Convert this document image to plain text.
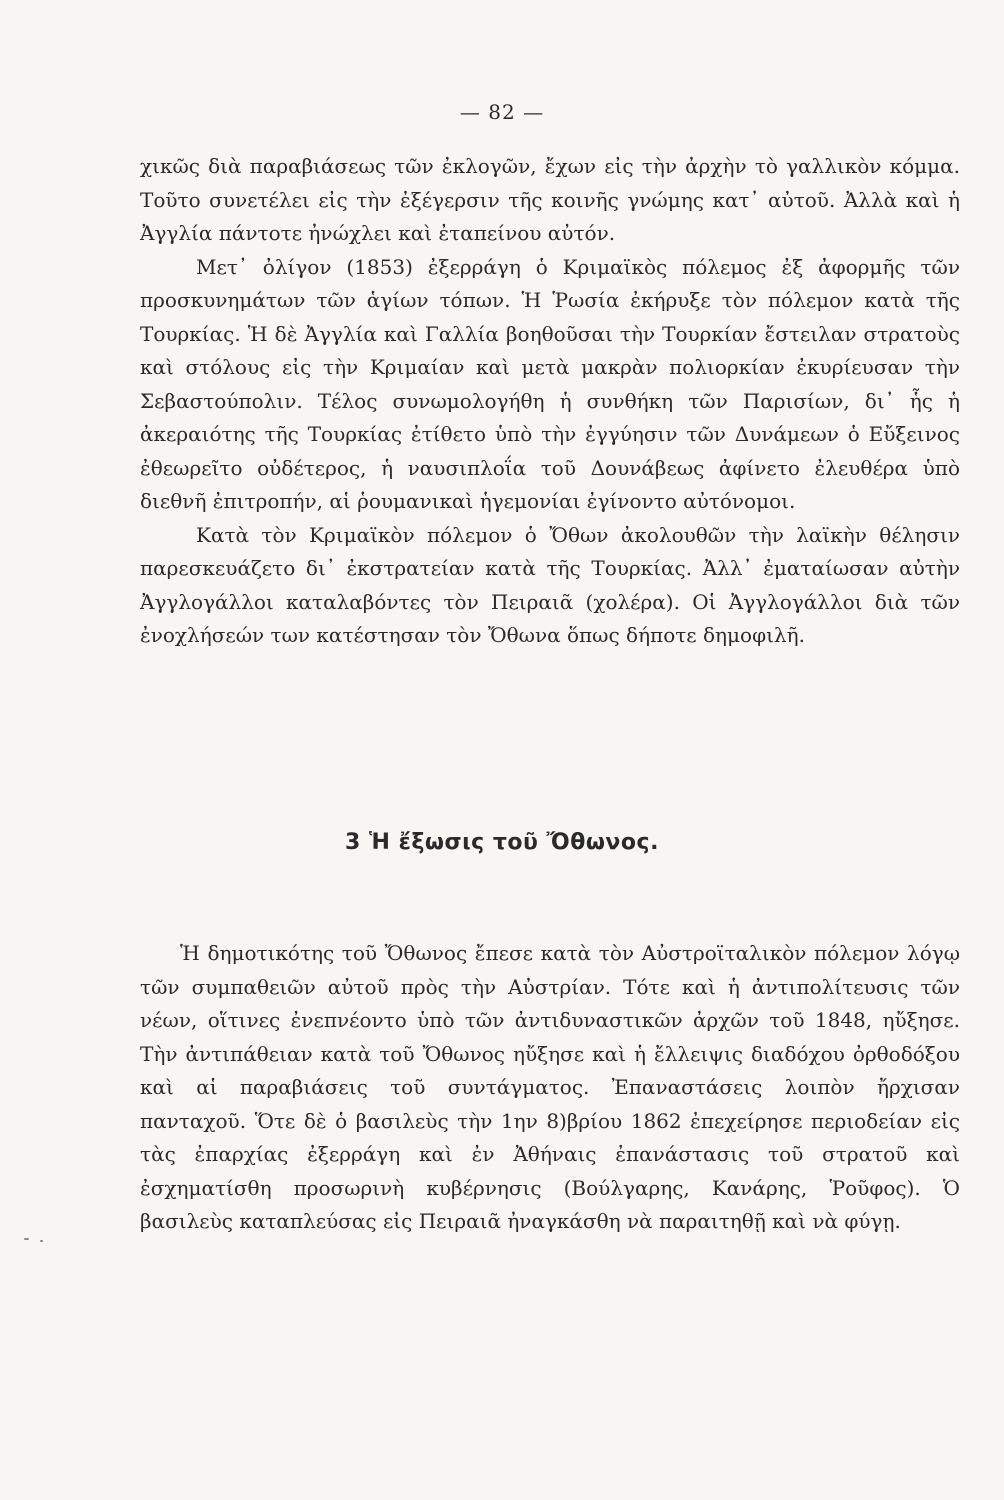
— 82 —

χικῶς διὰ παραβιάσεως τῶν ἐκλογῶν, ἔχων εἰς τὴν ἀρχὴν τὸ γαλλικὸν κόμμα. Τοῦτο συνετέλει εἰς τὴν ἐξέγερσιν τῆς κοινῆς γνώμης κατ᾿ αὐτοῦ. Ἀλλὰ καὶ ἡ Ἀγγλία πάντοτε ἠνώχλει καὶ ἐταπείνου αὐτόν.

Μετ᾿ ὀλίγον (1853) ἐξερράγη ὁ Κριμαϊκὸς πόλεμος ἐξ ἀφορμῆς τῶν προσκυνημάτων τῶν ἁγίων τόπων. Ἡ Ῥωσία ἐκήρυξε τὸν πόλεμον κατὰ τῆς Τουρκίας. Ἡ δὲ Ἀγγλία καὶ Γαλλία βοηθοῦσαι τὴν Τουρκίαν ἔστειλαν στρατοὺς καὶ στόλους εἰς τὴν Κριμαίαν καὶ μετὰ μακρὰν πολιορκίαν ἐκυρίευσαν τὴν Σεβαστούπολιν. Τέλος συνωμολογήθη ἡ συνθήκη τῶν Παρισίων, δι᾿ ἧς ἡ ἀκεραιότης τῆς Τουρκίας ἐτίθετο ὑπὸ τὴν ἐγγύησιν τῶν Δυνάμεων ὁ Εὔξεινος ἐθεωρεῖτο οὐδέτερος, ἡ ναυσιπλοΐα τοῦ Δουνάβεως ἀφίνετο ἐλευθέρα ὑπὸ διεθνῆ ἐπιτροπήν, αἱ ῥουμανικαὶ ἡγεμονίαι ἐγίνοντο αὐτόνομοι.

Κατὰ τὸν Κριμαϊκὸν πόλεμον ὁ Ὄθων ἀκολουθῶν τὴν λαϊκὴν θέλησιν παρεσκευάζετο δι᾿ ἐκστρατείαν κατὰ τῆς Τουρκίας. Ἀλλ᾿ ἐματαίωσαν αὐτὴν Ἀγγλογάλλοι καταλαβόντες τὸν Πειραιᾶ (χολέρα). Οἱ Ἀγγλογάλλοι διὰ τῶν ἐνοχλήσεών των κατέστησαν τὸν Ὄθωνα ὅπως δήποτε δημοφιλῆ.

3 Ἡ ἔξωσις τοῦ Ὄθωνος.

Ἡ δημοτικότης τοῦ Ὄθωνος ἔπεσε κατὰ τὸν Αὐστροϊταλικὸν πόλεμον λόγῳ τῶν συμπαθειῶν αὐτοῦ πρὸς τὴν Αὐστρίαν. Τότε καὶ ἡ ἀντιπολίτευσις τῶν νέων, οἵτινες ἐνεπνέοντο ὑπὸ τῶν ἀντιδυναστικῶν ἀρχῶν τοῦ 1848, ηὔξησε. Τὴν ἀντιπάθειαν κατὰ τοῦ Ὄθωνος ηὔξησε καὶ ἡ ἔλλειψις διαδόχου ὀρθοδόξου καὶ αἱ παραβιάσεις τοῦ συντάγματος. Ἐπαναστάσεις λοιπὸν ἤρχισαν πανταχοῦ. Ὅτε δὲ ὁ βασιλεὺς τὴν 1ην 8)βρίου 1862 ἐπεχείρησε περιοδείαν εἰς τὰς ἐπαρχίας ἐξερράγη καὶ ἐν Ἀθήναις ἐπανάστασις τοῦ στρατοῦ καὶ ἐσχηματίσθη προσωρινὴ κυβέρνησις (Βούλγαρης, Κανάρης, Ῥοῦφος). Ὁ βασιλεὺς καταπλεύσας εἰς Πειραιᾶ ἠναγκάσθη νὰ παραιτηθῇ καὶ νὰ φύγῃ.
